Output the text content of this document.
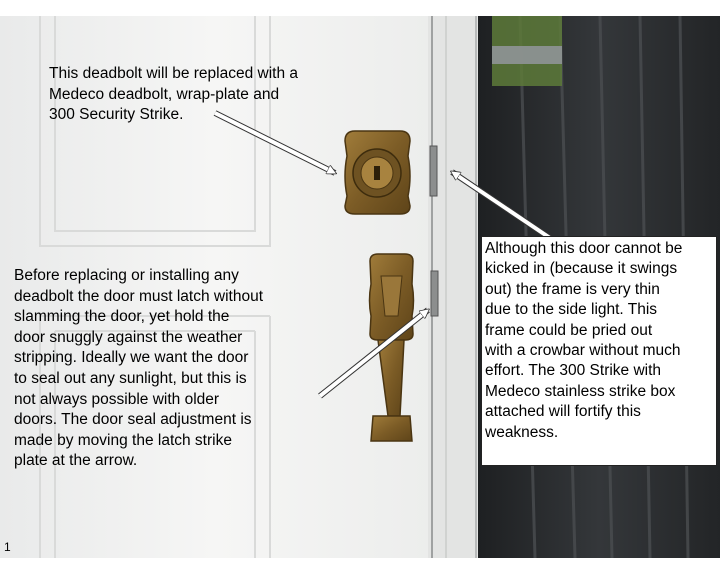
This deadbolt will be replaced with a
Medeco deadbolt, wrap-plate and
300 Security Strike.
Before replacing or installing any
deadbolt the door must latch without
slamming the door, yet hold the
door snuggly against the weather
stripping. Ideally we want the door
to seal out any sunlight, but this is
not always possible with older
doors. The door seal adjustment is
made by moving the latch strike
plate at the arrow.
Although this door cannot be
kicked in (because it swings
out) the frame is very thin
due to the side light. This
frame could be pried out
with a crowbar without much
effort. The 300 Strike with
Medeco stainless strike box
attached will fortify this
weakness.
1
